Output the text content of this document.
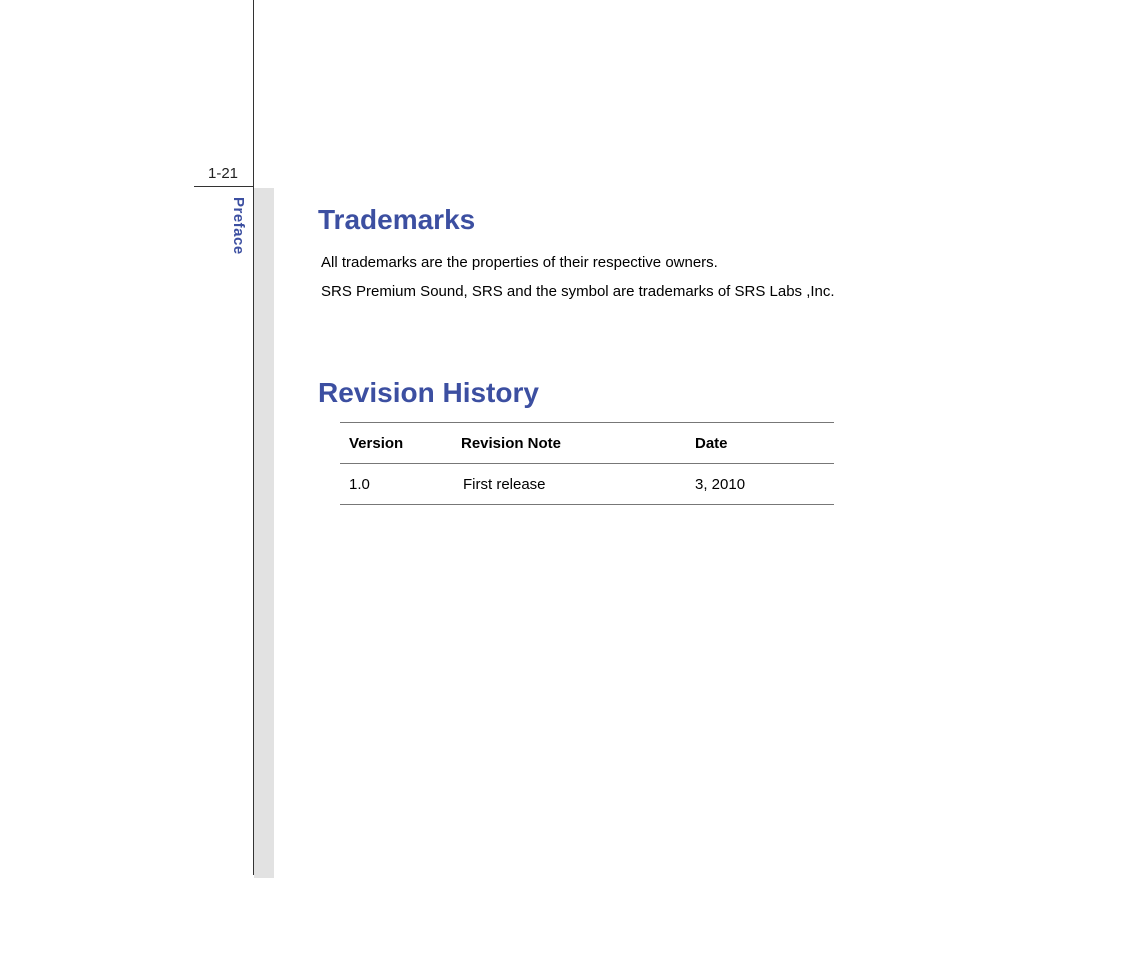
1-21
Preface	Trademarks

All trademarks are the properties of their respective owners.

SRS Premium Sound, SRS and the symbol are trademarks of SRS Labs ,Inc.

Revision History
Version	Revision Note	Date
1.0	First release	3, 2010
